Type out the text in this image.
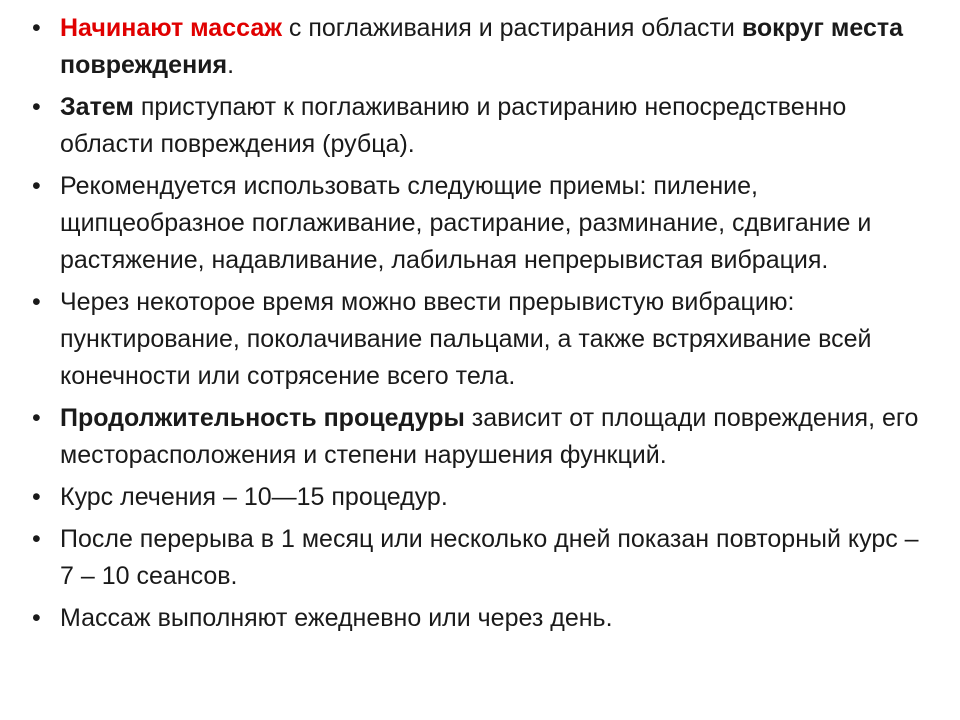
• Начинают массаж с поглаживания и растирания области вокруг места повреждения.
• Затем приступают к поглаживанию и растиранию непосредственно области повреждения (рубца).
• Рекомендуется использовать следующие приемы: пиление, щипцеобразное поглаживание, растирание, разминание, сдвигание и растяжение, надавливание, лабильная непрерывистая вибрация.
• Через некоторое время можно ввести прерывистую вибрацию: пунктирование, поколачивание пальцами, а также встряхивание всей конечности или сотрясение всего тела.
• Продолжительность процедуры зависит от площади повреждения, его месторасположения и степени нарушения функций.
• Курс лечения – 10—15 процедур.
• После перерыва в 1 месяц или несколько дней показан повторный курс – 7 – 10 сеансов.
• Массаж выполняют ежедневно или через день.
